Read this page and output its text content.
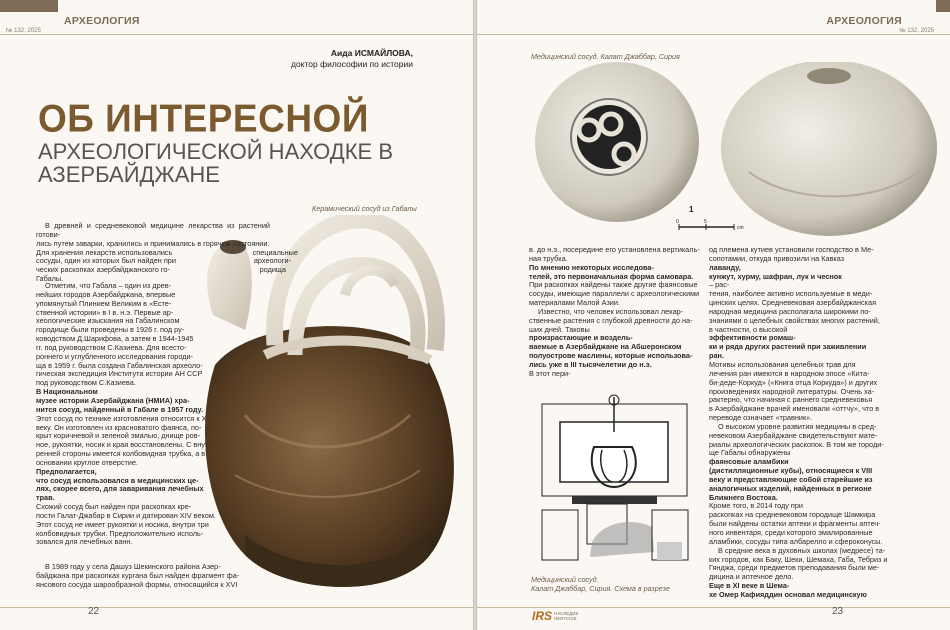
АРХЕОЛОГИЯ
№ 132, 2025
Аида ИСМАЙЛОВА,
доктор философии по истории
ОБ ИНТЕРЕСНОЙ
АРХЕОЛОГИЧЕСКОЙ НАХОДКЕ В
АЗЕРБАЙДЖАНЕ
Керамический сосуд из Габалы
В древней и средневековой медицине лекарства из растений готови-
лись путем заварки, хранились и принимались в горячем состоянии.
Для хранения лекарств использовались	специальные
сосуды, один из которых был найден при	археологи-
ческих раскопках азербайджанского го-	родища
Габалы.
Отметим, что Габала – один из древ-
нейших городов Азербайджана, впервые
упомянутый Плинием Великим в «Есте-
ственной истории» в I в. н.э. Первые ар-
хеологические изыскания на Габалинском
городище были проведены в 1926 г. под ру-
ководством Д.Шарифова, а затем в 1944-1945
гг. под руководством С.Казиева. Для всесто-
роннего и углубленного исследования городи-
ща в 1959 г. была создана Габалинская археоло-
гическая экспедиция Института истории АН ССР
под руководством С.Казиева.
В Национальном
музее истории Азербайджана (НМИА) хра-
нится сосуд, найденный в Габале в 1957 году.
Этот сосуд по технике изготовления относится к X
веку. Он изготовлен из красноватого фаянса, по-
крыт коричневой и зеленой эмалью, днище ров-
ное, рукоятки, носик и края восстановлены. С внут-
ренней стороны имеется колбовидная трубка, а в
основании круглое отверстие.
Предполагается,
что сосуд использовался в медицинских це-
лях, скорее всего, для заваривания лечебных
трав.
Схожий сосуд был найден при раскопках кре-
пости Галат-Джабар в Сирии и датирован XIV веком.
Этот сосуд не имеет рукоятки и носика, внутри три
колбовидных трубки. Предположительно исполь-
зовался для лечебных ванн.
В 1989 году у села Дашуз Шекинского района Азер-
байджана при раскопках кургана был найден фрагмент фа-
янсового сосуда шарообразной формы, относящийся к XVI
22
АРХЕОЛОГИЯ
№ 132, 2025
Медицинский сосуд. Калат Джаббар, Сирия
1
0	5
cm
в. до н.э., посередине его установлена вертикаль-
ная трубка.
По мнению некоторых исследова-
телей, это первоначальная форма самовара.
При раскопках найдены также другие фаянсовые
сосуды, имеющие параллели с археологическими
материалами Малой Азии.
Известно, что человек использовал лекар-
ственные растения с глубокой древности до на-
ших дней. Таковы
произрастающие и воздель-
ваемые в Азербайджане на Абшеронском
полуострове маслины, которые использова-
лись уже в III тысячелетии до н.э.
В этот пери-
Медицинский сосуд.
Калат Джаббар, Сирия. Схема в разрезе
од племена кутиев установили господство в Ме-
сопотамии, откуда привозили на Кавказ
лаванду,
кунжут, хурму, шафран, лук и чеснок
– рас-
тения, наиболее активно используемые в меди-
цинских целях. Средневековая азербайджанская
народная медицина располагала широкими по-
знаниями о целебных свойствах многих растений,
в частности, о высокой
эффективности ромаш-
ки и ряда других растений при заживлении
ран.
Мотивы использования целебных трав для
лечения ран имеются в народном эпосе «Кита-
би-деде-Коркуд» («Книга отца Коркуда») и других
произведениях народной литературы. Очень ха-
рактерно, что начиная с раннего средневековья
в Азербайджане врачей именовали «оттчу», что в
переводе означает «травник».
О высоком уровне развития медицины в сред-
невековом Азербайджане свидетельствуют мате-
риалы археологических раскопок. В том же городи-
ще Габалы обнаружены
фаянсовые аламбики
(дистилляционные кубы), относящиеся к VIII
веку и представляющие собой старейшие из
аналогичных изделий, найденных в регионе
Ближнего Востока.
Кроме того, в 2014 году при
раскопках на средневековом городище Шамкира
были найдены остатки аптеки и фрагменты аптеч-
ного инвентаря, среди которого эмалированные
аламбики, сосуды типа албарелло и сфероконусы.
В средние века в духовных школах (медресе) та-
ких городов, как Баку, Шеки, Шемаха, Габа, Тебриз и
Гянджа, среди предметов преподавания были ме-
дицина и аптечное дело.
Еще в XI веке в Шема-
хе Омер Кафияддин основал медицинскую
IRS НАСЛЕДИЕ
HERITAGE
23
